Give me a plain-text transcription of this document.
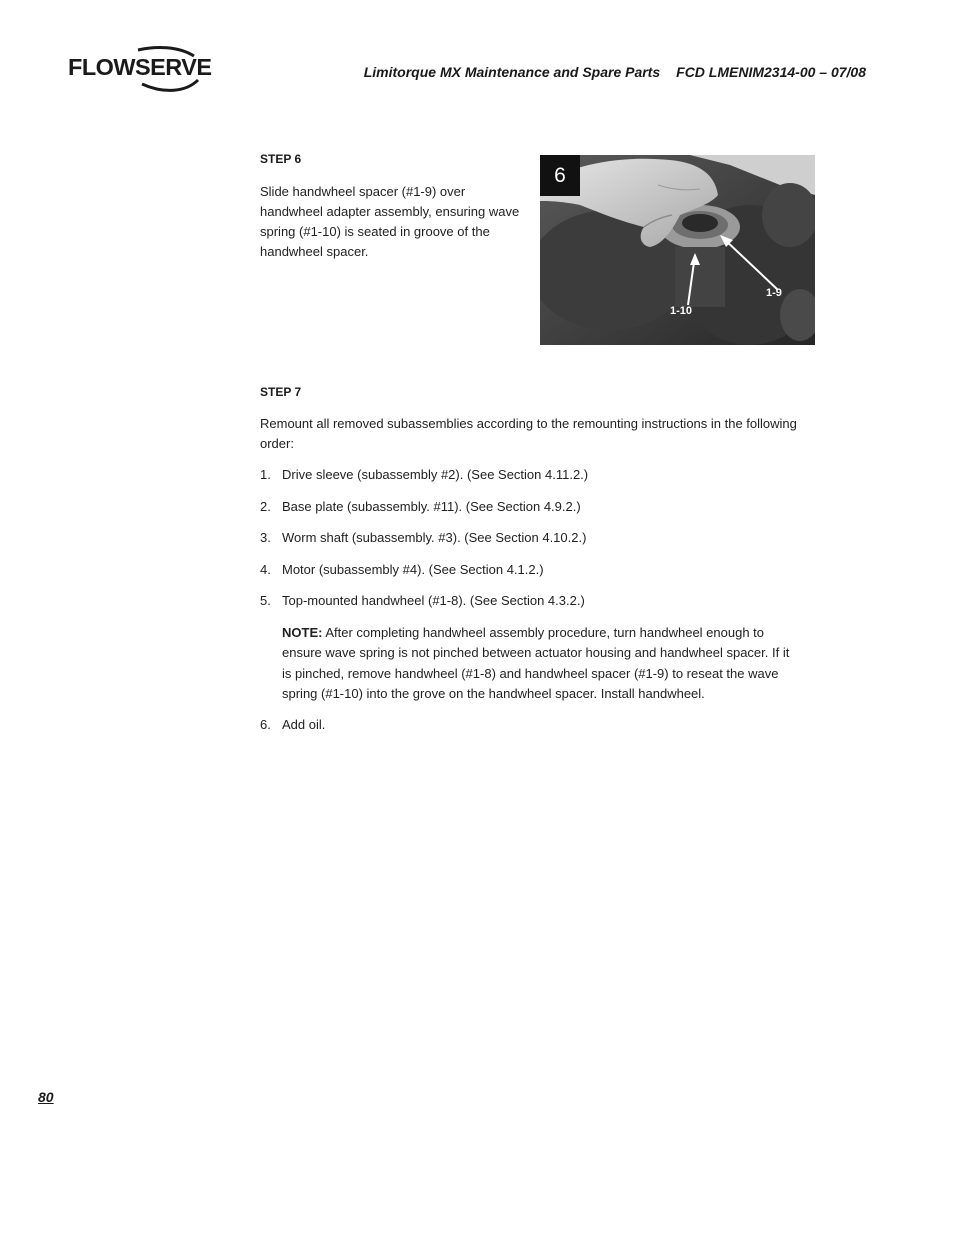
FLOWSERVE	Limitorque MX Maintenance and Spare Parts FCD LMENIM2314-00 – 07/08
STEP 6
Slide handwheel spacer (#1-9) over handwheel adapter assembly, ensuring wave spring (#1-10) is seated in groove of the handwheel spacer.
6
1-10
1-9
STEP 7
Remount all removed subassemblies according to the remounting instructions in the following order:
1. Drive sleeve (subassembly #2). (See Section 4.11.2.)
2. Base plate (subassembly. #11). (See Section 4.9.2.)
3. Worm shaft (subassembly. #3). (See Section 4.10.2.)
4. Motor (subassembly #4). (See Section 4.1.2.)
5. Top-mounted handwheel (#1-8). (See Section 4.3.2.)
NOTE: After completing handwheel assembly procedure, turn handwheel enough to ensure wave spring is not pinched between actuator housing and handwheel spacer. If it is pinched, remove handwheel (#1-8) and handwheel spacer (#1-9) to reseat the wave spring (#1-10) into the grove on the handwheel spacer. Install handwheel.
6. Add oil.
80
